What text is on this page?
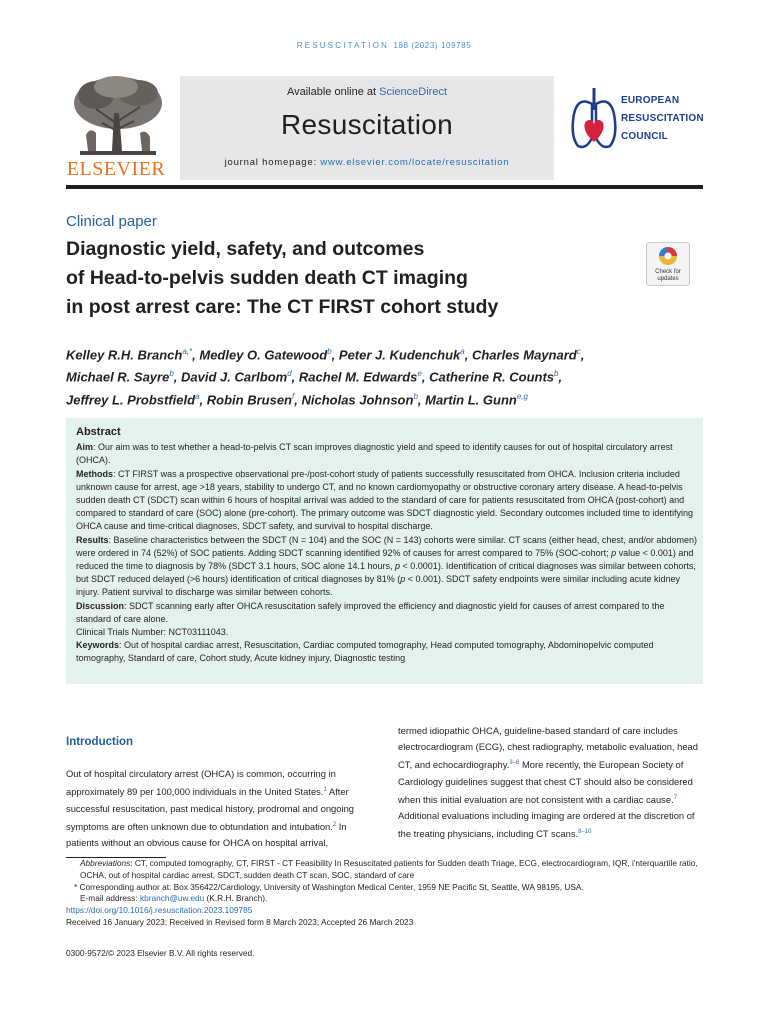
RESUSCITATION 188 (2023) 109785
ELSEVIER
Available online at ScienceDirect
Resuscitation
journal homepage: www.elsevier.com/locate/resuscitation
EUROPEAN
RESUSCITATION
COUNCIL
Clinical paper
Diagnostic yield, safety, and outcomes
of Head-to-pelvis sudden death CT imaging
in post arrest care: The CT FIRST cohort study
Check for
updates
Kelley R.H. Branch$^{a,*}$, Medley O. Gatewood$^b$, Peter J. Kudenchuk$^a$, Charles Maynard$^c$,
Michael R. Sayre$^b$, David J. Carlbom$^d$, Rachel M. Edwards$^e$, Catherine R. Counts$^b$,
Jeffrey L. Probstfield$^a$, Robin Brusen$^f$, Nicholas Johnson$^b$, Martin L. Gunn$^{e,g}$
Abstract

Aim: Our aim was to test whether a head-to-pelvis CT scan improves diagnostic yield and speed to identify causes for out of hospital circulatory arrest (OHCA).

Methods: CT FIRST was a prospective observational pre-/post-cohort study of patients successfully resuscitated from OHCA. Inclusion criteria included unknown cause for arrest, age >18 years, stability to undergo CT, and no known cardiomyopathy or obstructive coronary artery disease. A head-to-pelvis sudden death CT (SDCT) scan within 6 hours of hospital arrival was added to the standard of care for patients resuscitated from OHCA (post-cohort) and compared to standard of care (SOC) alone (pre-cohort). The primary outcome was SDCT diagnostic yield. Secondary outcomes included time to identifying OHCA cause and time-critical diagnoses, SDCT safety, and survival to hospital discharge.

Results: Baseline characteristics between the SDCT (N = 104) and the SOC (N = 143) cohorts were similar. CT scans (either head, chest, and/or abdomen) were ordered in 74 (52%) of SOC patients. Adding SDCT scanning identified 92% of causes for arrest compared to 75% (SOC-cohort; p value < 0.001) and reduced the time to diagnosis by 78% (SDCT 3.1 hours, SOC alone 14.1 hours, p < 0.0001). Identification of critical diagnoses was similar between cohorts, but SDCT reduced delayed (>6 hours) identification of critical diagnoses by 81% (p < 0.001). SDCT safety endpoints were similar including acute kidney injury. Patient survival to discharge was similar between cohorts.

Discussion: SDCT scanning early after OHCA resuscitation safely improved the efficiency and diagnostic yield for causes of arrest compared to the standard of care alone.

Clinical Trials Number: NCT03111043.

Keywords: Out of hospital cardiac arrest, Resuscitation, Cardiac computed tomography, Head computed tomography, Abdominopelvic computed tomography, Standard of care, Cohort study, Acute kidney injury, Diagnostic testing

Introduction
Out of hospital circulatory arrest (OHCA) is common, occurring in approximately 89 per 100,000 individuals in the United States.$^1$ After successful resuscitation, past medical history, prodromal and ongoing symptoms are often unknown due to obtundation and intubation.$^2$ In patients without an obvious cause for OHCA on hospital arrival,
termed idiopathic OHCA, guideline-based standard of care includes electrocardiogram (ECG), chest radiography, metabolic evaluation, head CT, and echocardiography.$^{3-6}$ More recently, the European Society of Cardiology guidelines suggest that chest CT should also be considered when this initial evaluation are not consistent with a cardiac cause.$^7$ Additional evaluations including imaging are ordered at the discretion of the treating physicians, including CT scans.$^{8-10}$

Abbreviations: CT, computed tomography, CT, FIRST - CT Feasibility In Resuscitated patients for Sudden death Triage, ECG, electrocardiogram, IQR, i'nterquartile ratio, OCHA, out of hospital cardiac arrest, SDCT, sudden death CT scan, SOC, standard of care

* Corresponding author at: Box 356422/Cardiology, University of Washington Medical Center, 1959 NE Pacific St, Seattle, WA 98195, USA.

E-mail address: kbranch@uw.edu (K.R.H. Branch).

https://doi.org/10.1016/j.resuscitation.2023.109785

Received 16 January 2023; Received in Revised form 8 March 2023; Accepted 26 March 2023

0300-9572/© 2023 Elsevier B.V. All rights reserved.
